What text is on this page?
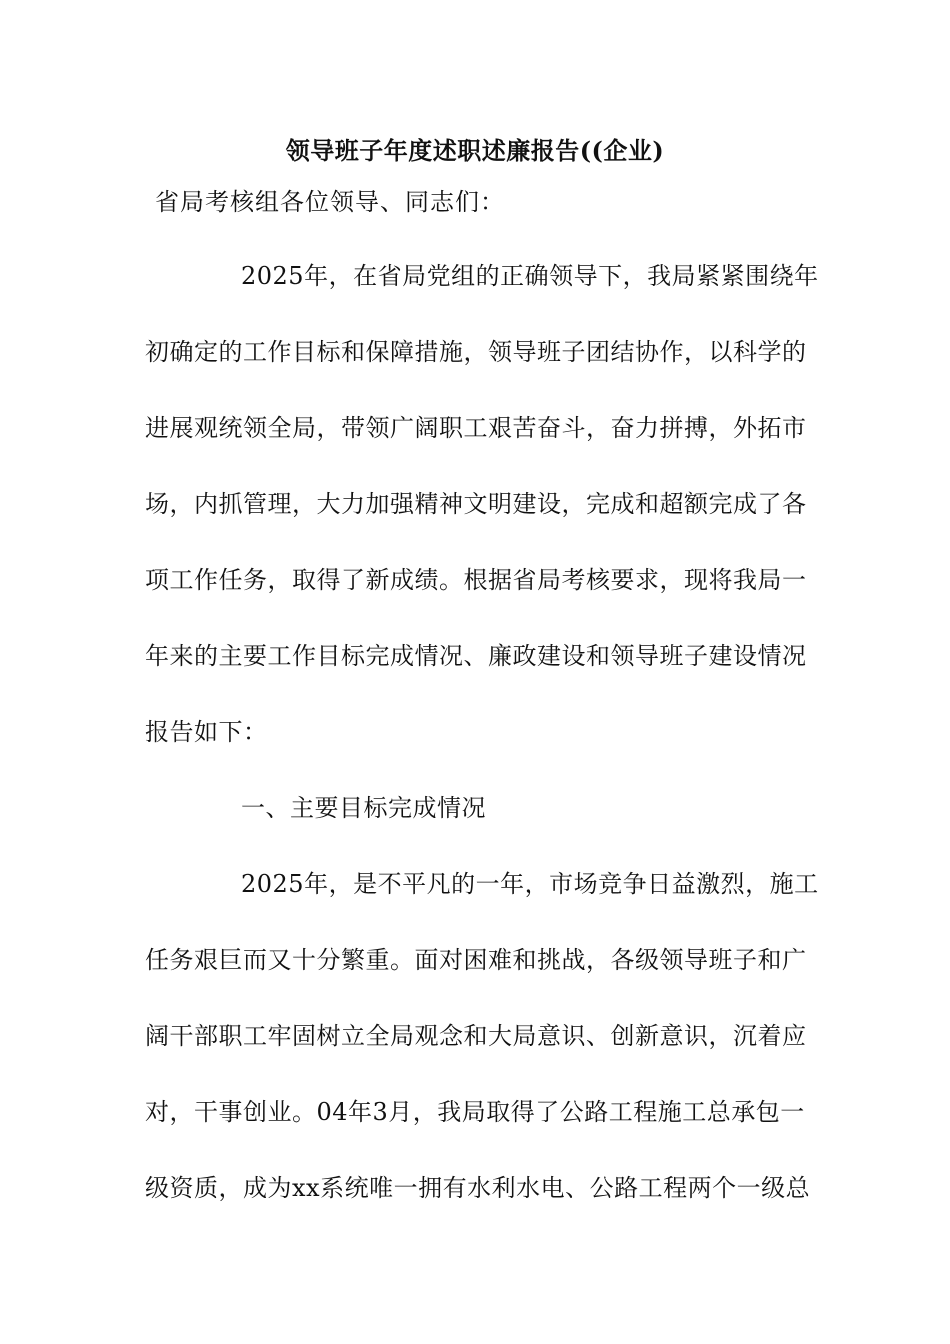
领导班子年度述职述廉报告((企业)
省局考核组各位领导、同志们：
2025年，在省局党组的正确领导下，我局紧紧围绕年
初确定的工作目标和保障措施，领导班子团结协作，以科学的
进展观统领全局，带领广阔职工艰苦奋斗，奋力拼搏，外拓市
场，内抓管理，大力加强精神文明建设，完成和超额完成了各
项工作任务，取得了新成绩。根据省局考核要求，现将我局一
年来的主要工作目标完成情况、廉政建设和领导班子建设情况
报告如下：
一、主要目标完成情况
2025年，是不平凡的一年，市场竞争日益激烈，施工
任务艰巨而又十分繁重。面对困难和挑战，各级领导班子和广
阔干部职工牢固树立全局观念和大局意识、创新意识，沉着应
对，干事创业。04年3月，我局取得了公路工程施工总承包一
级资质，成为xx系统唯一拥有水利水电、公路工程两个一级总
